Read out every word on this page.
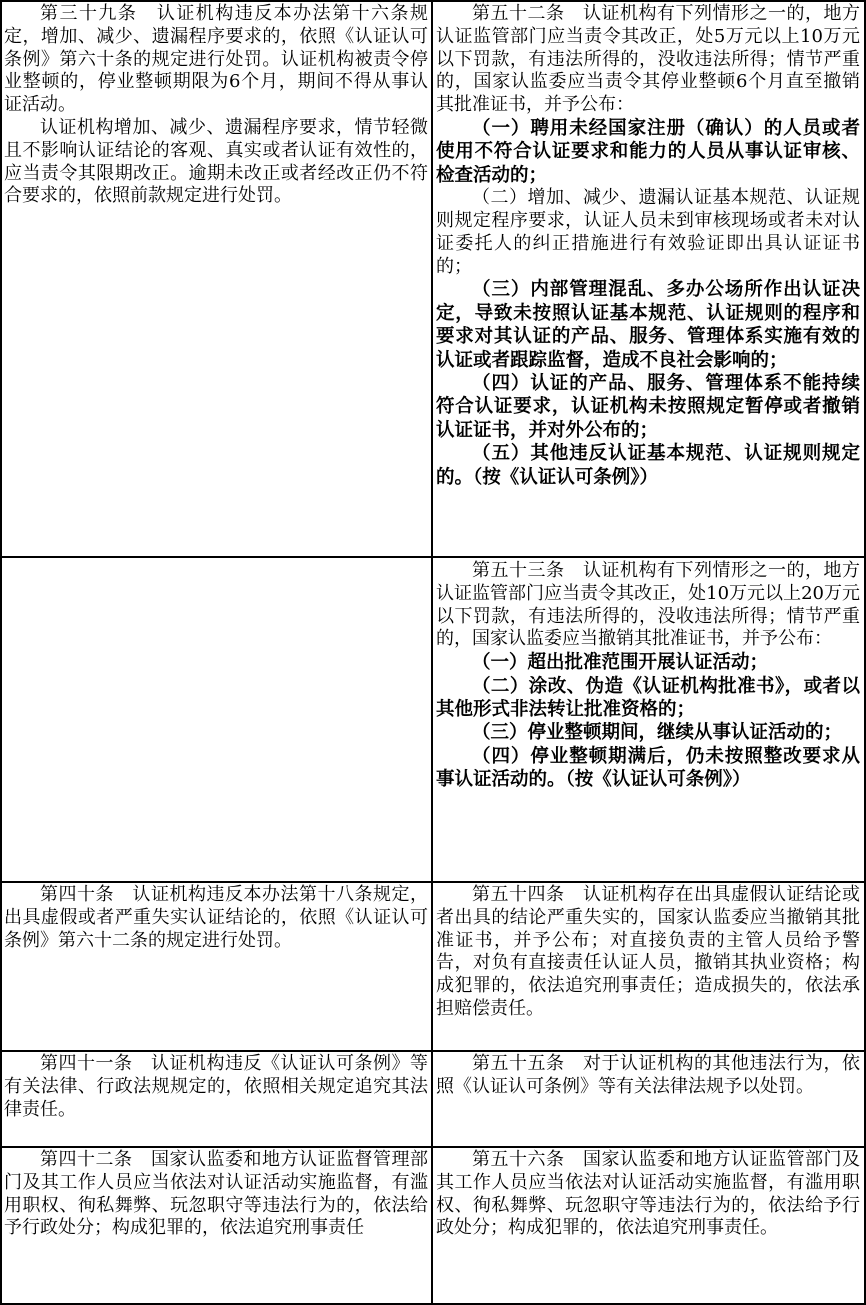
第三十九条　认证机构违反本办法第十六条规定，增加、减少、遗漏程序要求的，依照《认证认可条例》第六十条的规定进行处罚。认证机构被责令停业整顿的，停业整顿期限为6个月，期间不得从事认证活动。

认证机构增加、减少、遗漏程序要求，情节轻微且不影响认证结论的客观、真实或者认证有效性的，应当责令其限期改正。逾期未改正或者经改正仍不符合要求的，依照前款规定进行处罚。

第五十二条　认证机构有下列情形之一的，地方认证监管部门应当责令其改正，处5万元以上10万元以下罚款，有违法所得的，没收违法所得；情节严重的，国家认监委应当责令其停业整顿6个月直至撤销其批准证书，并予公布：

（一）聘用未经国家注册（确认）的人员或者使用不符合认证要求和能力的人员从事认证审核、检查活动的；

（二）增加、减少、遗漏认证基本规范、认证规则规定程序要求，认证人员未到审核现场或者未对认证委托人的纠正措施进行有效验证即出具认证证书的；

（三）内部管理混乱、多办公场所作出认证决定，导致未按照认证基本规范、认证规则的程序和要求对其认证的产品、服务、管理体系实施有效的认证或者跟踪监督，造成不良社会影响的；

（四）认证的产品、服务、管理体系不能持续符合认证要求，认证机构未按照规定暂停或者撤销认证证书，并对外公布的；

（五）其他违反认证基本规范、认证规则规定的。（按《认证认可条例》）

第五十三条　认证机构有下列情形之一的，地方认证监管部门应当责令其改正，处10万元以上20万元以下罚款，有违法所得的，没收违法所得；情节严重的，国家认监委应当撤销其批准证书，并予公布：

（一）超出批准范围开展认证活动；

（二）涂改、伪造《认证机构批准书》，或者以其他形式非法转让批准资格的；

（三）停业整顿期间，继续从事认证活动的；

（四）停业整顿期满后，仍未按照整改要求从事认证活动的。（按《认证认可条例》）

第四十条　认证机构违反本办法第十八条规定，出具虚假或者严重失实认证结论的，依照《认证认可条例》第六十二条的规定进行处罚。

第五十四条　认证机构存在出具虚假认证结论或者出具的结论严重失实的，国家认监委应当撤销其批准证书，并予公布；对直接负责的主管人员给予警告，对负有直接责任认证人员，撤销其执业资格；构成犯罪的，依法追究刑事责任；造成损失的，依法承担赔偿责任。

第四十一条　认证机构违反《认证认可条例》等有关法律、行政法规规定的，依照相关规定追究其法律责任。

第五十五条　对于认证机构的其他违法行为，依照《认证认可条例》等有关法律法规予以处罚。

第四十二条　国家认监委和地方认证监督管理部门及其工作人员应当依法对认证活动实施监督，有滥用职权、徇私舞弊、玩忽职守等违法行为的，依法给予行政处分；构成犯罪的，依法追究刑事责任

第五十六条　国家认监委和地方认证监管部门及其工作人员应当依法对认证活动实施监督，有滥用职权、徇私舞弊、玩忽职守等违法行为的，依法给予行政处分；构成犯罪的，依法追究刑事责任。
